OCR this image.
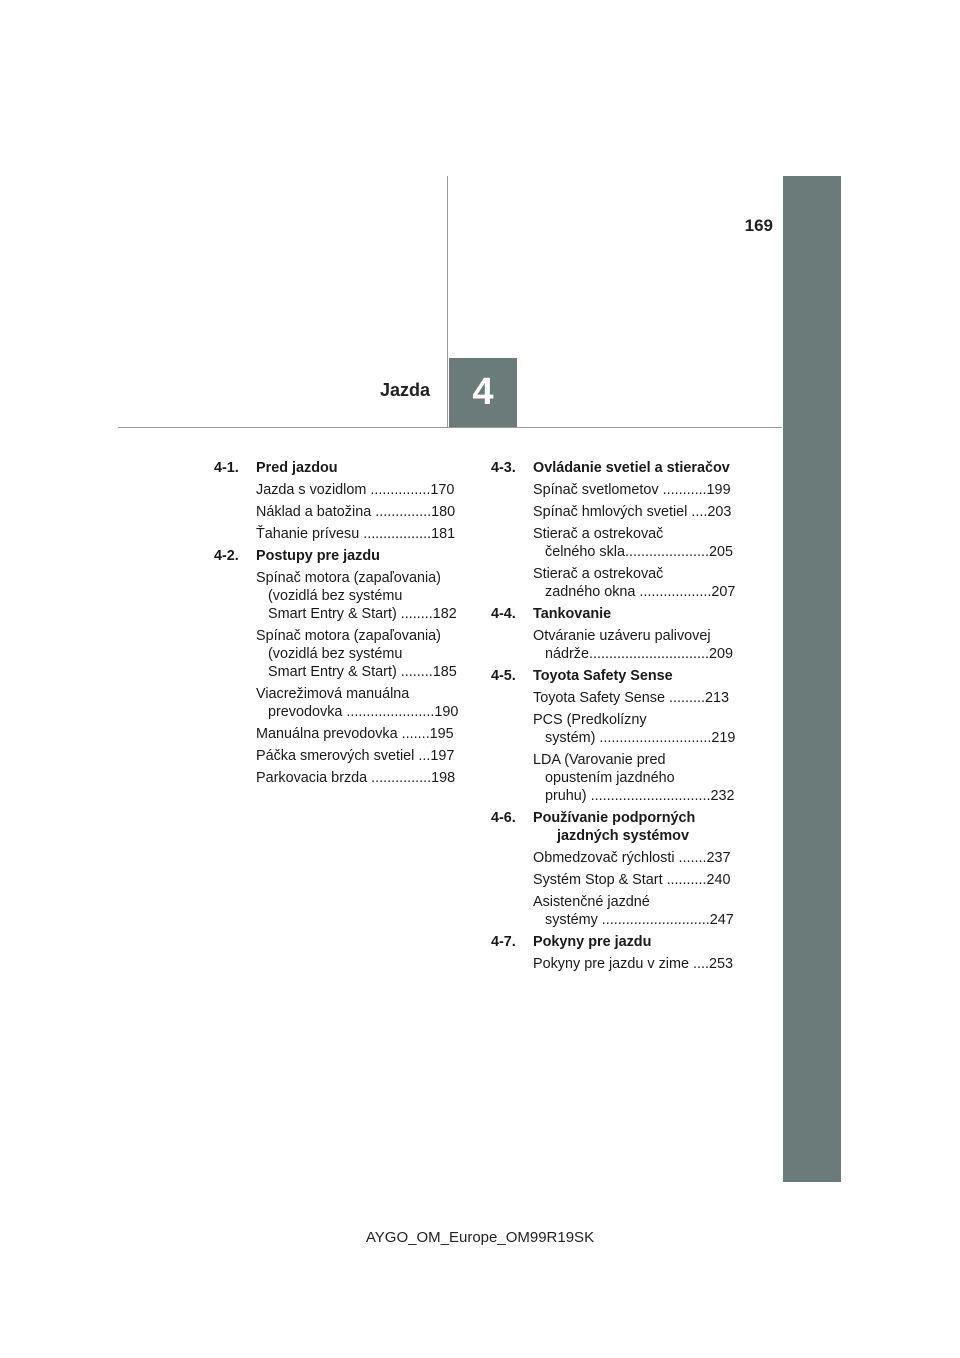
169
4
Jazda
4-1. Pred jazdou
Jazda s vozidlom ...............170
Náklad a batožina ..............180
Ťahanie prívesu .................181
4-2. Postupy pre jazdu
Spínač motora (zapaľovania)
(vozidlá bez systému
Smart Entry & Start) ........182
Spínač motora (zapaľovania)
(vozidlá bez systému
Smart Entry & Start) ........185
Viacrežimová manuálna
prevodovka ......................190
Manuálna prevodovka .......195
Páčka smerových svetiel ...197
Parkovacia brzda ...............198
4-3. Ovládanie svetiel a stieračov
Spínač svetlometov ...........199
Spínač hmlových svetiel ....203
Stierač a ostrekovač
čelného skla.....................205
Stierač a ostrekovač
zadného okna ..................207
4-4. Tankovanie
Otváranie uzáveru palivovej
nádrže..............................209
4-5. Toyota Safety Sense
Toyota Safety Sense .........213
PCS (Predkolízny
systém) ............................219
LDA (Varovanie pred
opustením jazdného
pruhu) ..............................232
4-6. Používanie podporných jazdných systémov
Obmedzovač rýchlosti .......237
Systém Stop & Start ..........240
Asistenčné jazdné
systémy ...........................247
4-7. Pokyny pre jazdu
Pokyny pre jazdu v zime ....253
AYGO_OM_Europe_OM99R19SK
